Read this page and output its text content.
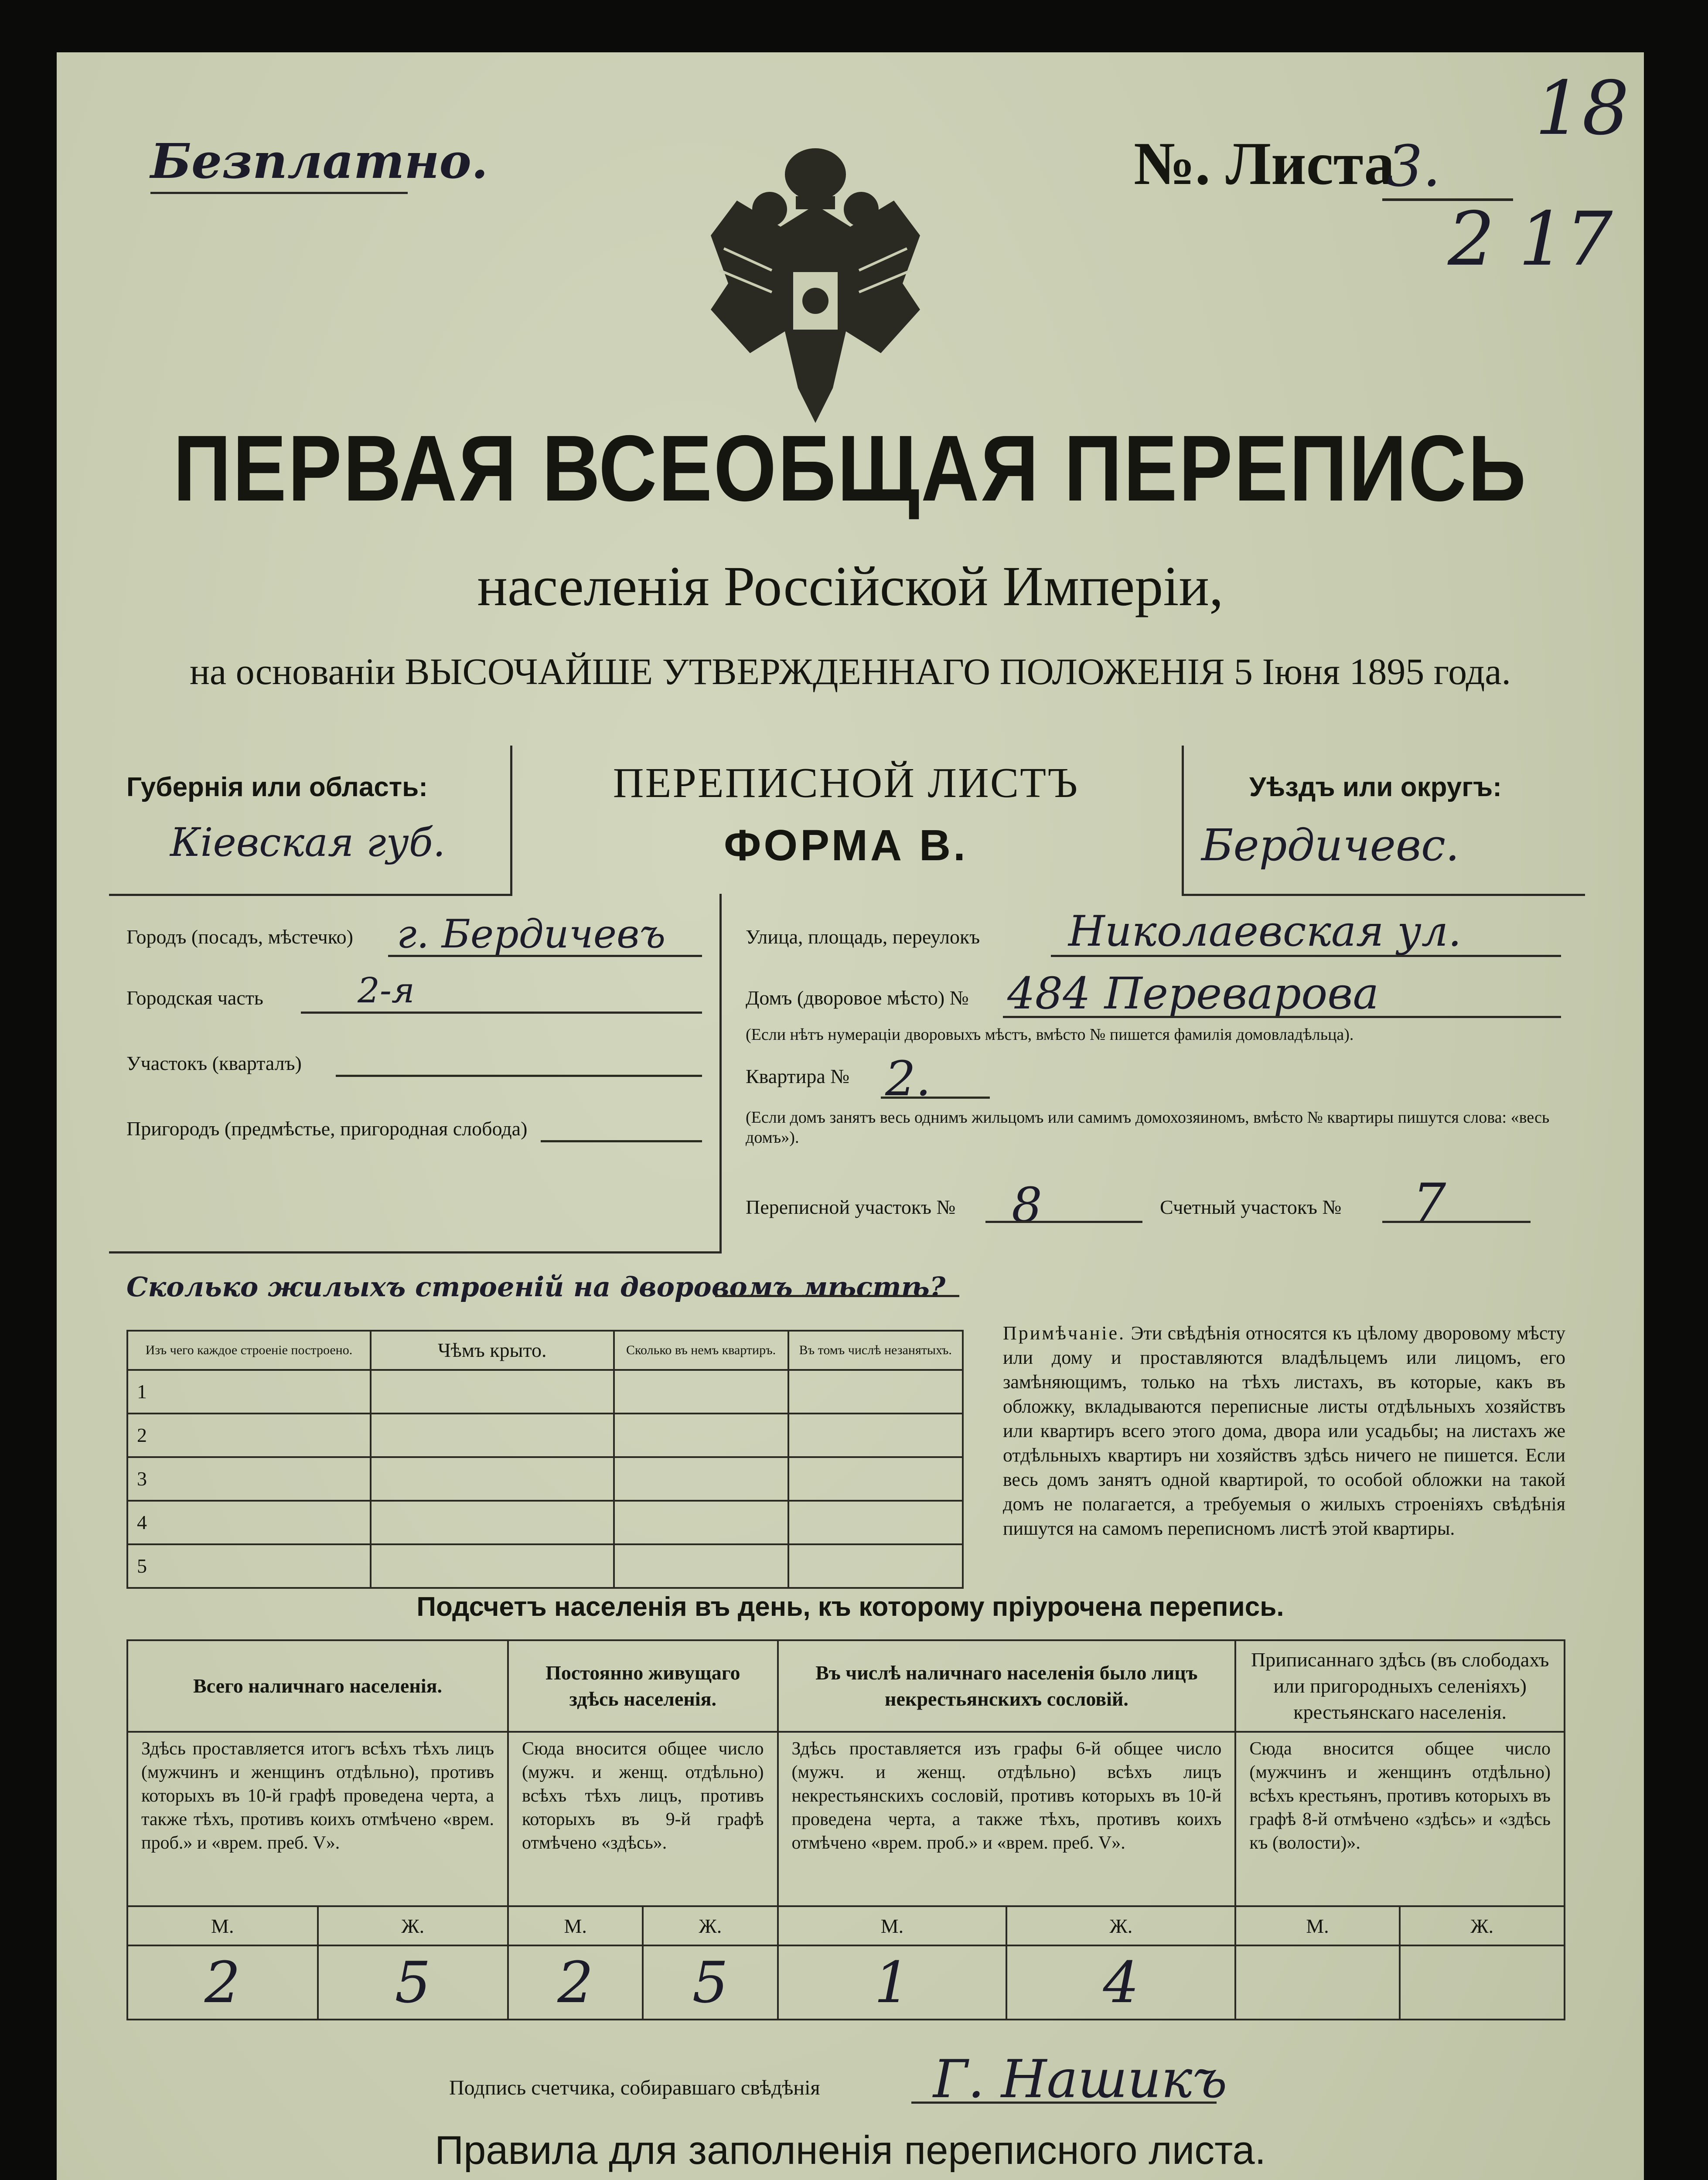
Безплатно.	№. Листа
3.
18
2 17
ПЕРВАЯ ВСЕОБЩАЯ ПЕРЕПИСЬ
населенія Россійской Имперіи,
на основаніи ВЫСОЧАЙШЕ УТВЕРЖДЕННАГО ПОЛОЖЕНІЯ 5 Іюня 1895 года.
Губернія или область:
Кіевская губ.
ПЕРЕПИСНОЙ ЛИСТЪ
ФОРМА В.
Уѣздъ или округъ:
Бердичевс.
Городъ (посадъ, мѣстечко) г. Бердичевъ
Городская часть	2-я
Участокъ (кварталъ)
Пригородъ (предмѣстье, пригородная слобода)
Улица, площадь, переулокъ Николаевская ул.
Домъ (дворовое мѣсто) № 484 Переварова
(Если нѣтъ нумераціи дворовыхъ мѣстъ, вмѣсто № пишется фамилія домовладѣльца).
Квартира № 2.
(Если домъ занятъ весь однимъ жильцомъ или самимъ домохозяиномъ, вмѣсто № квартиры пишутся слова: «весь домъ»).
Переписной участокъ № 8	Счетный участокъ № 7
Сколько жилыхъ строеній на дворовомъ мѣстѣ?
Изъ чего каждое строеніе построено.	Чѣмъ крыто.	Сколько въ немъ квартиръ.	Въ томъ числѣ незанятыхъ.
1			
2			
3			
4			
5			
Примѣчаніе. Эти свѣдѣнія относятся къ цѣлому дворовому мѣсту или дому и проставляются владѣльцемъ или лицомъ, его замѣняющимъ, только на тѣхъ листахъ, въ которые, какъ въ обложку, вкладываются переписные листы отдѣльныхъ хозяйствъ или квартиръ всего этого дома, двора или усадьбы; на листахъ же отдѣльныхъ квартиръ ни хозяйствъ здѣсь ничего не пишется. Если весь домъ занятъ одной квартирой, то особой обложки на такой домъ не полагается, а требуемыя о жилыхъ строеніяхъ свѣдѣнія пишутся на самомъ переписномъ листѣ этой квартиры.
Подсчетъ населенія въ день, къ которому пріурочена перепись.
Всего наличнаго населенія.		Постоянно живущаго здѣсь населенія.		Въ числѣ наличнаго населенія было лицъ некрестьянскихъ сословій.		Приписаннаго здѣсь (въ слободахъ или пригородныхъ селеніяхъ) крестьянскаго населенія.	
Здѣсь проставляется итогъ всѣхъ тѣхъ лицъ (мужчинъ и женщинъ отдѣльно), противъ которыхъ въ 10-й графѣ проведена черта, а также тѣхъ, противъ коихъ отмѣчено «врем. проб.» и «врем. преб. V».		Сюда вносится общее число (мужч. и женщ. отдѣльно) всѣхъ тѣхъ лицъ, противъ которыхъ въ 9-й графѣ отмѣчено «здѣсь».		Здѣсь проставляется изъ графы 6-й общее число (мужч. и женщ. отдѣльно) всѣхъ лицъ некрестьянскихъ сословій, противъ которыхъ въ 10-й проведена черта, а также тѣхъ, противъ коихъ отмѣчено «врем. проб.» и «врем. преб. V».		Сюда вносится общее число (мужчинъ и женщинъ отдѣльно) всѣхъ крестьянъ, противъ которыхъ въ графѣ 8-й отмѣчено «здѣсь» и «здѣсь къ (волости)».	
М.	Ж.	М.	Ж.	М.	Ж.	М.	Ж.
2	5	2	5	1	4		
Подпись счетчика, собиравшаго свѣдѣнія Г. Нашикъ
Правила для заполненія переписного листа.
